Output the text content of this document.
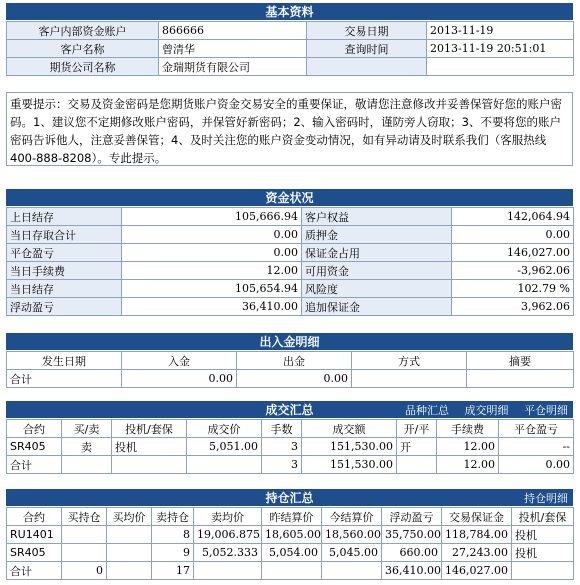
基本资料
客户内部资金账户	866666	交易日期	2013-11-19
客户名称	曾清华	查询时间	2013-11-19 20:51:01
期货公司名称	金瑞期货有限公司		
重要提示：交易及资金密码是您期货账户资金交易安全的重要保证，敬请您注意修改并妥善保管好您的账户密码。1、建议您不定期修改账户密码，并保管好新密码；2、输入密码时，谨防旁人窃取；3、不要将您的账户密码告诉他人，注意妥善保管；4、及时关注您的账户资金变动情况，如有异动请及时联系我们（客服热线400-888-8208）。专此提示。
资金状况
上日结存	105,666.94	客户权益	142,064.94
当日存取合计	0.00	质押金	0.00
平仓盈亏	0.00	保证金占用	146,027.00
当日手续费	12.00	可用资金	-3,962.06
当日结存	105,654.94	风险度	102.79 %
浮动盈亏	36,410.00	追加保证金	3,962.06
出入金明细
发生日期	入金	出金	方式	摘要
合计	0.00	0.00		
成交汇总	品种汇总 成交明细 平仓明细
合约	买/卖	投机/套保	成交价	手数	成交额	开/平	手续费	平仓盈亏
SR405	卖	投机	5,051.00	3	151,530.00	开	12.00	--
合计				3	151,530.00		12.00	0.00
持仓汇总	持仓明细
合约	买持仓	买均价	卖持仓	卖均价	昨结算价	今结算价	浮动盈亏	交易保证金	投机/套保
RU1401			8	19,006.875	18,605.00	18,560.00	35,750.00	118,784.00	投机
SR405			9	5,052.333	5,054.00	5,045.00	660.00	27,243.00	投机
合计	0		17				36,410.00	146,027.00	
